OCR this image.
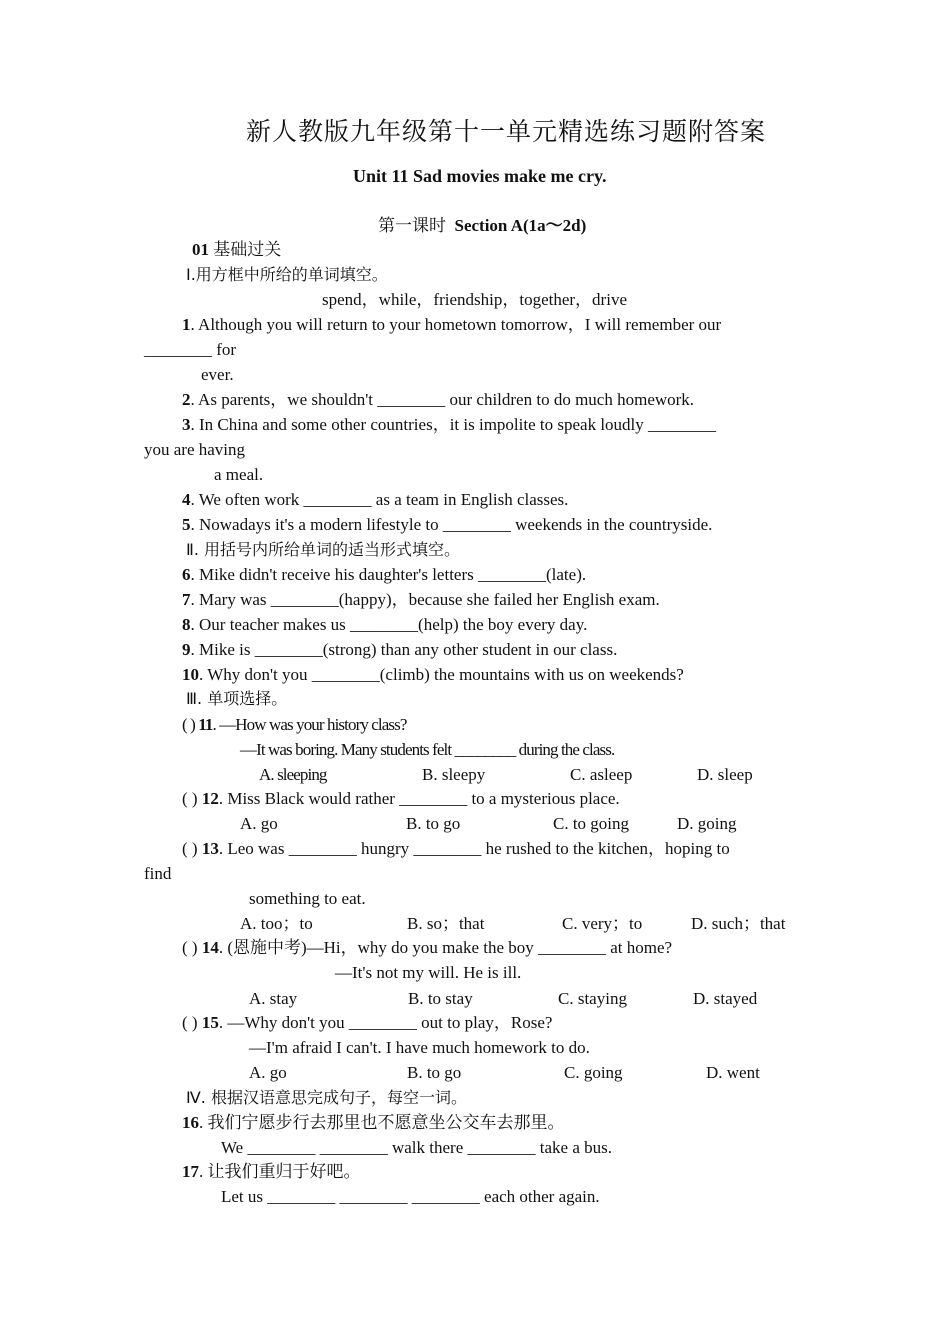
新人教版九年级第十一单元精选练习题附答案
Unit 11 Sad movies make me cry.
第一课时 Section A(1a～2d)
01 基础过关
Ⅰ.用方框中所给的单词填空。
spend，while，friendship，together，drive
1. Although you will return to your hometown tomorrow，I will remember our
________ for
ever.
2. As parents，we shouldn't ________ our children to do much homework.
3. In China and some other countries，it is impolite to speak loudly ________
you are having
a meal.
4. We often work ________ as a team in English classes.
5. Nowadays it's a modern lifestyle to ________ weekends in the countryside.
Ⅱ. 用括号内所给单词的适当形式填空。
6. Mike didn't receive his daughter's letters ________(late).
7. Mary was ________(happy)，because she failed her English exam.
8. Our teacher makes us ________(help) the boy every day.
9. Mike is ________(strong) than any other student in our class.
10. Why don't you ________(climb) the mountains with us on weekends?
Ⅲ. 单项选择。
( ) 11. —How was your history class?
—It was boring. Many students felt ________ during the class.
A. sleeping	B. sleepy	C. asleep	D. sleep
( ) 12. Miss Black would rather ________ to a mysterious place.
A. go	B. to go	C. to going	D. going
( ) 13. Leo was ________ hungry ________ he rushed to the kitchen，hoping to
find
something to eat.
A. too；to	B. so；that	C. very；to	D. such；that
( ) 14. (恩施中考)—Hi，why do you make the boy ________ at home?
—It's not my will. He is ill.
A. stay	B. to stay	C. staying	D. stayed
( ) 15. —Why don't you ________ out to play，Rose?
—I'm afraid I can't. I have much homework to do.
A. go	B. to go	C. going	D. went
Ⅳ. 根据汉语意思完成句子，每空一词。
16. 我们宁愿步行去那里也不愿意坐公交车去那里。
We ________ ________ walk there ________ take a bus.
17. 让我们重归于好吧。
Let us ________ ________ ________ each other again.
